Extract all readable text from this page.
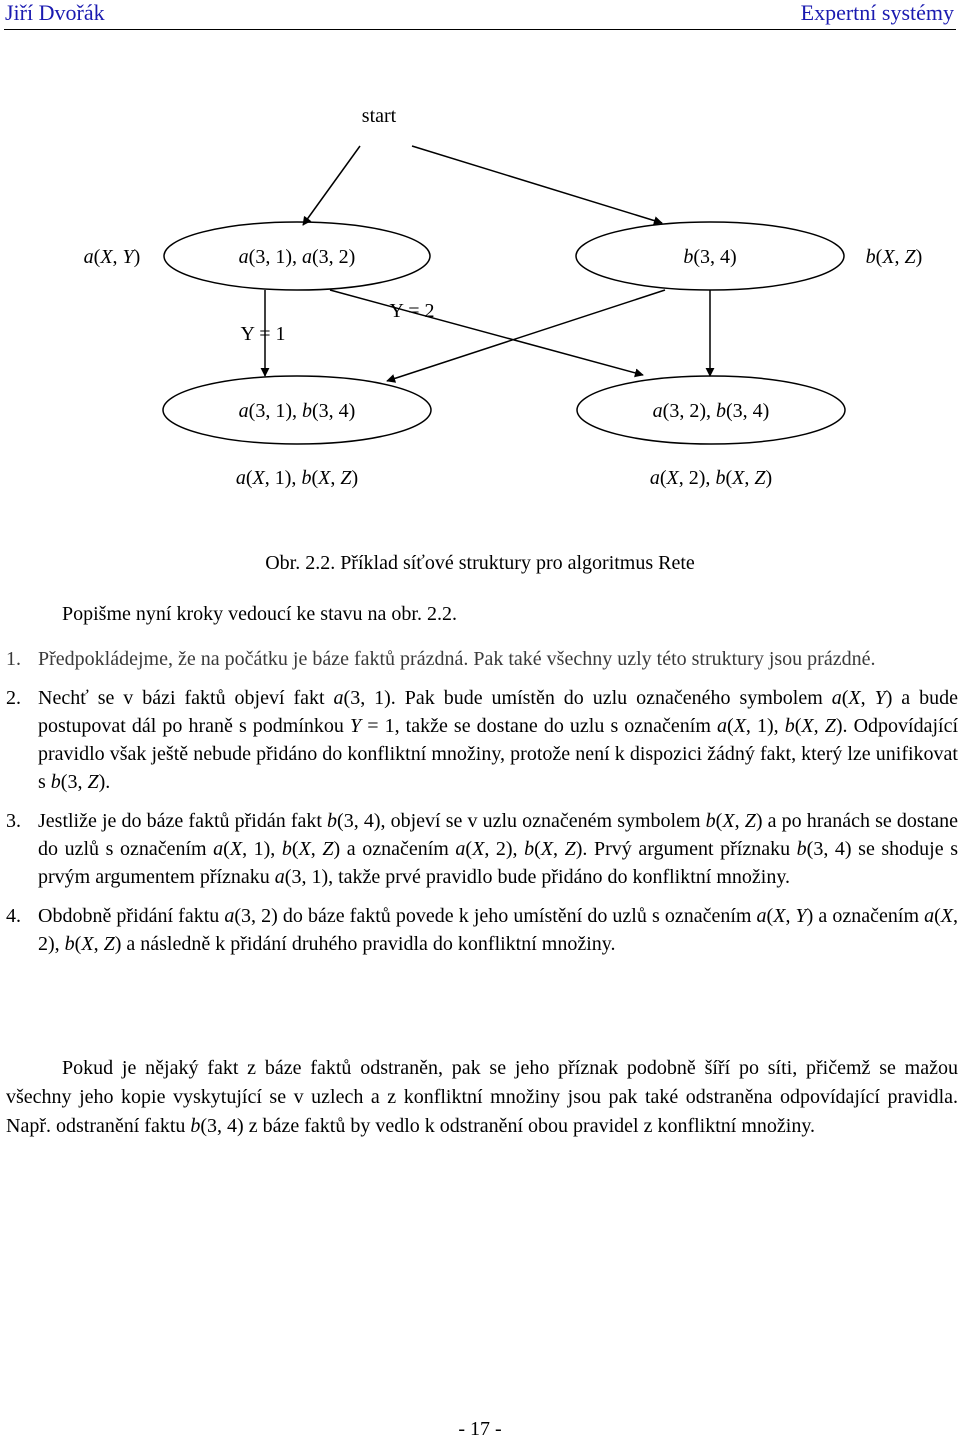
Jiří Dvořák	Expertní systémy
start
a(X, Y)	a(3, 1), a(3, 2)	b(3, 4)	b(X, Z)
Y = 1
Y = 2
a(3, 1), b(3, 4)	a(3, 2), b(3, 4)
a(X, 1), b(X, Z)	a(X, 2), b(X, Z)
Obr. 2.2. Příklad síťové struktury pro algoritmus Rete
Popišme nyní kroky vedoucí ke stavu na obr. 2.2.
1. Předpokládejme, že na počátku je báze faktů prázdná. Pak také všechny uzly této struktury jsou prázdné.
2. Nechť se v bázi faktů objeví fakt a(3, 1). Pak bude umístěn do uzlu označeného symbolem a(X, Y) a bude postupovat dál po hraně s podmínkou Y = 1, takže se dostane do uzlu s označením a(X, 1), b(X, Z). Odpovídající pravidlo však ještě nebude přidáno do konfliktní množiny, protože není k dispozici žádný fakt, který lze unifikovat s b(3, Z).
3. Jestliže je do báze faktů přidán fakt b(3, 4), objeví se v uzlu označeném symbolem b(X, Z) a po hranách se dostane do uzlů s označením a(X, 1), b(X, Z) a označením a(X, 2), b(X, Z). Prvý argument příznaku b(3, 4) se shoduje s prvým argumentem příznaku a(3, 1), takže prvé pravidlo bude přidáno do konfliktní množiny.
4. Obdobně přidání faktu a(3, 2) do báze faktů povede k jeho umístění do uzlů s označením a(X, Y) a označením a(X, 2), b(X, Z) a následně k přidání druhého pravidla do konfliktní množiny.
Pokud je nějaký fakt z báze faktů odstraněn, pak se jeho příznak podobně šíří po síti, přičemž se mažou všechny jeho kopie vyskytující se v uzlech a z konfliktní množiny jsou pak také odstraněna odpovídající pravidla. Např. odstranění faktu b(3, 4) z báze faktů by vedlo k odstranění obou pravidel z konfliktní množiny.
- 17 -
